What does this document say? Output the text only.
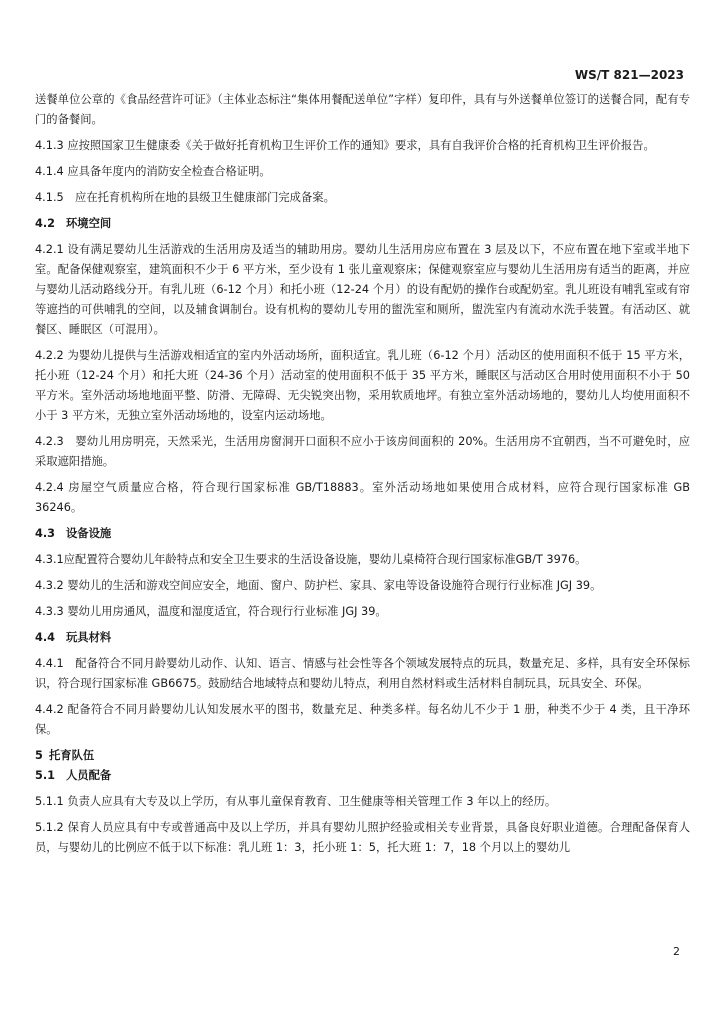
WS/T 821—2023

送餐单位公章的《食品经营许可证》（主体业态标注“集体用餐配送单位”字样）复印件，具有与外送餐单位签订的送餐合同，配有专门的备餐间。

4.1.3 应按照国家卫生健康委《关于做好托育机构卫生评价工作的通知》要求，具有自我评价合格的托育机构卫生评价报告。

4.1.4 应具备年度内的消防安全检查合格证明。

4.1.5　应在托育机构所在地的县级卫生健康部门完成备案。

4.2 环境空间

4.2.1 设有满足婴幼儿生活游戏的生活用房及适当的辅助用房。婴幼儿生活用房应布置在 3 层及以下，不应布置在地下室或半地下室。配备保健观察室，建筑面积不少于 6 平方米，至少设有 1 张儿童观察床；保健观察室应与婴幼儿生活用房有适当的距离，并应与婴幼儿活动路线分开。有乳儿班（6-12 个月）和托小班（12-24 个月）的设有配奶的操作台或配奶室。乳儿班设有哺乳室或有帘等遮挡的可供哺乳的空间，以及辅食调制台。设有机构的婴幼儿专用的盥洗室和厕所，盥洗室内有流动水洗手装置。有活动区、就餐区、睡眠区（可混用）。

4.2.2 为婴幼儿提供与生活游戏相适宜的室内外活动场所，面积适宜。乳儿班（6-12 个月）活动区的使用面积不低于 15 平方米，托小班（12-24 个月）和托大班（24-36 个月）活动室的使用面积不低于 35 平方米，睡眠区与活动区合用时使用面积不小于 50 平方米。室外活动场地地面平整、防滑、无障碍、无尖锐突出物，采用软质地坪。有独立室外活动场地的，婴幼儿人均使用面积不小于 3 平方米，无独立室外活动场地的，设室内运动场地。

4.2.3　婴幼儿用房明亮，天然采光，生活用房窗洞开口面积不应小于该房间面积的 20%。生活用房不宜朝西，当不可避免时，应采取遮阳措施。

4.2.4 房屋空气质量应合格，符合现行国家标准 GB/T18883。室外活动场地如果使用合成材料，应符合现行国家标准 GB 36246。

4.3 设备设施

4.3.1应配置符合婴幼儿年龄特点和安全卫生要求的生活设备设施，婴幼儿桌椅符合现行国家标准GB/T 3976。

4.3.2 婴幼儿的生活和游戏空间应安全，地面、窗户、防护栏、家具、家电等设备设施符合现行行业标准 JGJ 39。

4.3.3 婴幼儿用房通风，温度和湿度适宜，符合现行行业标准 JGJ 39。

4.4 玩具材料

4.4.1　配备符合不同月龄婴幼儿动作、认知、语言、情感与社会性等各个领域发展特点的玩具，数量充足、多样，具有安全环保标识，符合现行国家标准 GB6675。鼓励结合地域特点和婴幼儿特点，利用自然材料或生活材料自制玩具，玩具安全、环保。

4.4.2 配备符合不同月龄婴幼儿认知发展水平的图书，数量充足、种类多样。每名幼儿不少于 1 册，种类不少于 4 类，且干净环保。

5 托育队伍
5.1 人员配备

5.1.1 负责人应具有大专及以上学历，有从事儿童保育教育、卫生健康等相关管理工作 3 年以上的经历。

5.1.2 保育人员应具有中专或普通高中及以上学历，并具有婴幼儿照护经验或相关专业背景，具备良好职业道德。合理配备保育人员，与婴幼儿的比例应不低于以下标准：乳儿班 1：3，托小班 1：5，托大班 1：7，18 个月以上的婴幼儿

2
